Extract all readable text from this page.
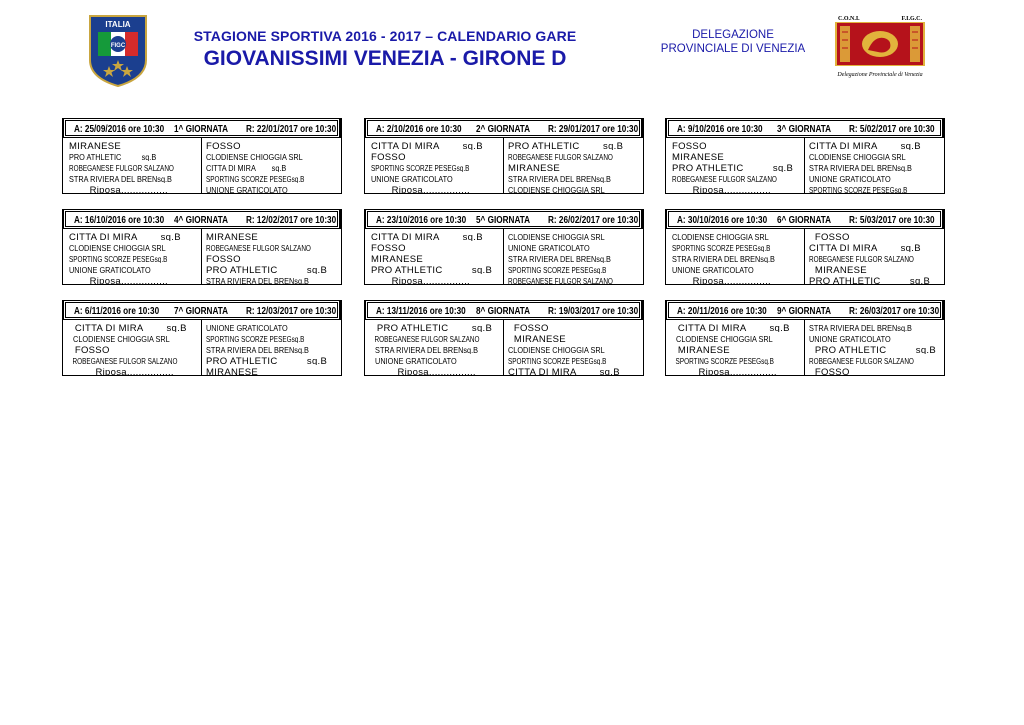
ITALIA
FIGC
STAGIONE SPORTIVA 2016 - 2017 – CALENDARIO GARE
GIOVANISSIMI VENEZIA - GIRONE D
DELEGAZIONE
PROVINCIALE DI VENEZIA
C.O.N.I.	F.I.G.C.
Delegazione Provinciale di Venezia
A: 25/09/2016 ore 10:30 1^ GIORNATA R: 22/01/2017 ore 10:30
MIRANESE	FOSSO
PRO ATHLETIC          sq.B	CLODIENSE CHIOGGIA SRL
ROBEGANESE FULGOR SALZANO	CITTA DI MIRA        sq.B
STRA RIVIERA DEL BRENsq.B	SPORTING SCORZE PESEGsq.B
Riposa................	UNIONE GRATICOLATO
A: 2/10/2016 ore 10:30 2^ GIORNATA R: 29/01/2017 ore 10:30
CITTA DI MIRA        sq.B	PRO ATHLETIC        sq.B
FOSSO	ROBEGANESE FULGOR SALZANO
SPORTING SCORZE PESEGsq.B	MIRANESE
UNIONE GRATICOLATO	STRA RIVIERA DEL BRENsq.B
Riposa................	CLODIENSE CHIOGGIA SRL
A: 9/10/2016 ore 10:30 3^ GIORNATA R: 5/02/2017 ore 10:30
FOSSO	CITTA DI MIRA        sq.B
MIRANESE	CLODIENSE CHIOGGIA SRL
PRO ATHLETIC          sq.B	STRA RIVIERA DEL BRENsq.B
ROBEGANESE FULGOR SALZANO	UNIONE GRATICOLATO
Riposa................	SPORTING SCORZE PESEGsq.B
A: 16/10/2016 ore 10:30 4^ GIORNATA R: 12/02/2017 ore 10:30
CITTA DI MIRA        sq.B	MIRANESE
CLODIENSE CHIOGGIA SRL	ROBEGANESE FULGOR SALZANO
SPORTING SCORZE PESEGsq.B	FOSSO
UNIONE GRATICOLATO	PRO ATHLETIC          sq.B
Riposa................	STRA RIVIERA DEL BRENsq.B
A: 23/10/2016 ore 10:30 5^ GIORNATA R: 26/02/2017 ore 10:30
CITTA DI MIRA        sq.B	CLODIENSE CHIOGGIA SRL
FOSSO	UNIONE GRATICOLATO
MIRANESE	STRA RIVIERA DEL BRENsq.B
PRO ATHLETIC          sq.B	SPORTING SCORZE PESEGsq.B
Riposa................	ROBEGANESE FULGOR SALZANO
A: 30/10/2016 ore 10:30 6^ GIORNATA R: 5/03/2017 ore 10:30
CLODIENSE CHIOGGIA SRL	FOSSO
SPORTING SCORZE PESEGsq.B	CITTA DI MIRA        sq.B
STRA RIVIERA DEL BRENsq.B	ROBEGANESE FULGOR SALZANO
UNIONE GRATICOLATO	MIRANESE
Riposa................	PRO ATHLETIC          sq.B
A: 6/11/2016 ore 10:30 7^ GIORNATA R: 12/03/2017 ore 10:30
CITTA DI MIRA        sq.B	UNIONE GRATICOLATO
CLODIENSE CHIOGGIA SRL	SPORTING SCORZE PESEGsq.B
FOSSO	STRA RIVIERA DEL BRENsq.B
ROBEGANESE FULGOR SALZANO	PRO ATHLETIC          sq.B
Riposa................	MIRANESE
A: 13/11/2016 ore 10:30 8^ GIORNATA R: 19/03/2017 ore 10:30
PRO ATHLETIC        sq.B	FOSSO
ROBEGANESE FULGOR SALZANO	MIRANESE
STRA RIVIERA DEL BRENsq.B	CLODIENSE CHIOGGIA SRL
UNIONE GRATICOLATO	SPORTING SCORZE PESEGsq.B
Riposa................	CITTA DI MIRA        sq.B
A: 20/11/2016 ore 10:30 9^ GIORNATA R: 26/03/2017 ore 10:30
CITTA DI MIRA        sq.B	STRA RIVIERA DEL BRENsq.B
CLODIENSE CHIOGGIA SRL	UNIONE GRATICOLATO
MIRANESE	PRO ATHLETIC          sq.B
SPORTING SCORZE PESEGsq.B	ROBEGANESE FULGOR SALZANO
Riposa................	FOSSO
